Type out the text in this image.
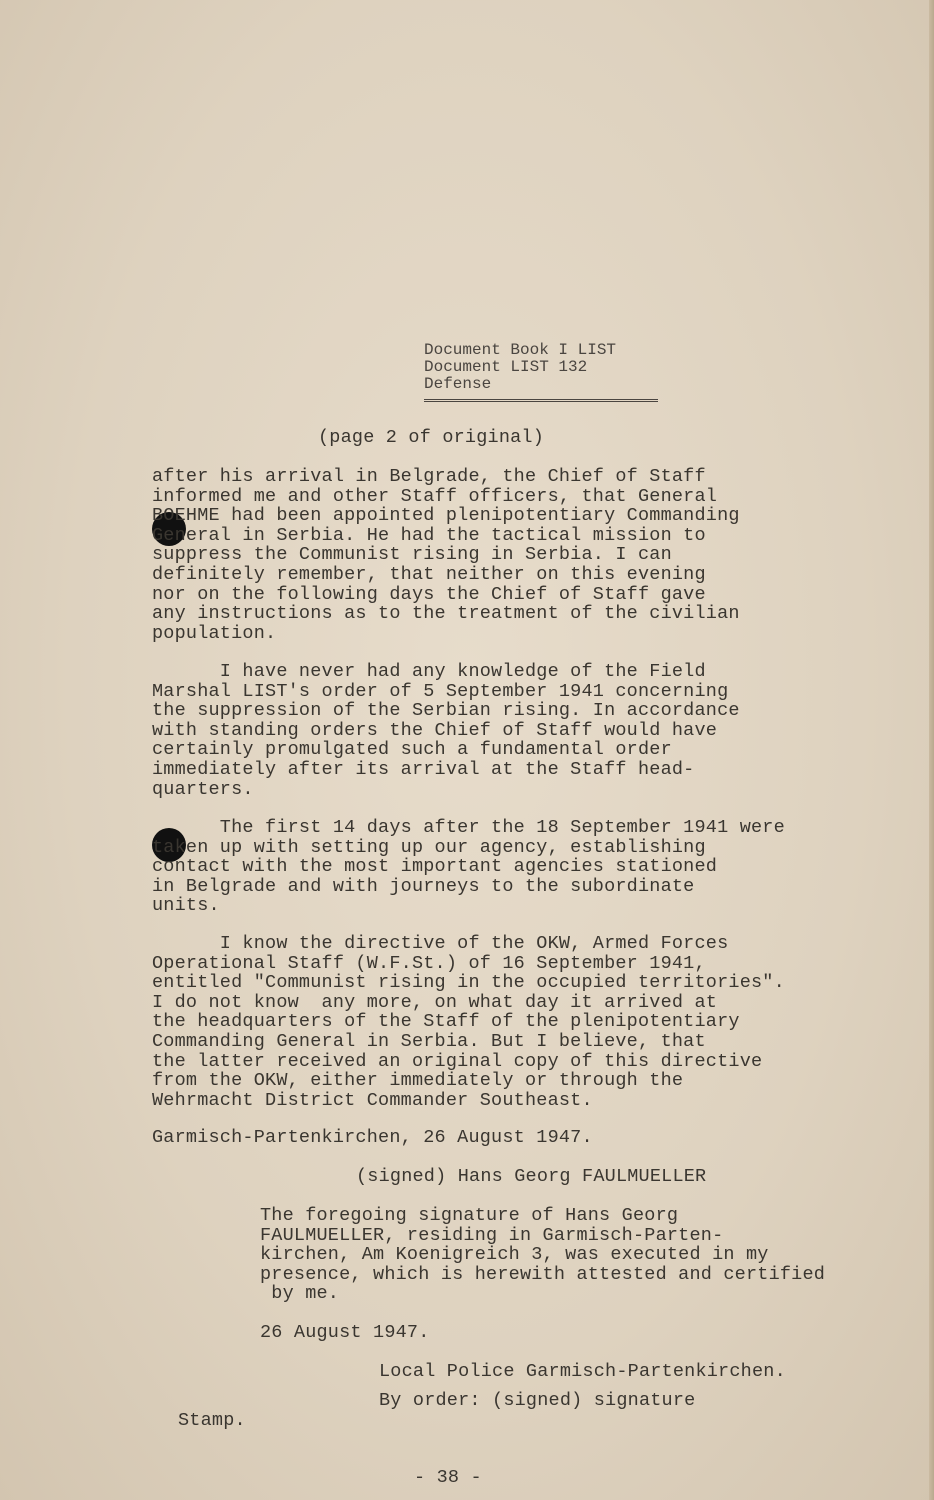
Document Book I LIST
Document LIST 132
Defense
(page 2 of original)
after his arrival in Belgrade, the Chief of Staff
informed me and other Staff officers, that General
BOEHME had been appointed plenipotentiary Commanding
General in Serbia. He had the tactical mission to
suppress the Communist rising in Serbia. I can
definitely remember, that neither on this evening
nor on the following days the Chief of Staff gave
any instructions as to the treatment of the civilian
population.
I have never had any knowledge of the Field
Marshal LIST's order of 5 September 1941 concerning
the suppression of the Serbian rising. In accordance
with standing orders the Chief of Staff would have
certainly promulgated such a fundamental order
immediately after its arrival at the Staff head-
quarters.
The first 14 days after the 18 September 1941 were
taken up with setting up our agency, establishing
contact with the most important agencies stationed
in Belgrade and with journeys to the subordinate
units.
I know the directive of the OKW, Armed Forces
Operational Staff (W.F.St.) of 16 September 1941,
entitled "Communist rising in the occupied territories".
I do not know  any more, on what day it arrived at
the headquarters of the Staff of the plenipotentiary
Commanding General in Serbia. But I believe, that
the latter received an original copy of this directive
from the OKW, either immediately or through the
Wehrmacht District Commander Southeast.
Garmisch-Partenkirchen, 26 August 1947.
(signed) Hans Georg FAULMUELLER
The foregoing signature of Hans Georg
FAULMUELLER, residing in Garmisch-Parten-
kirchen, Am Koenigreich 3, was executed in my
presence, which is herewith attested and certified
by me.
26 August 1947.
Local Police Garmisch-Partenkirchen.
By order: (signed) signature
Stamp.
- 38 -
